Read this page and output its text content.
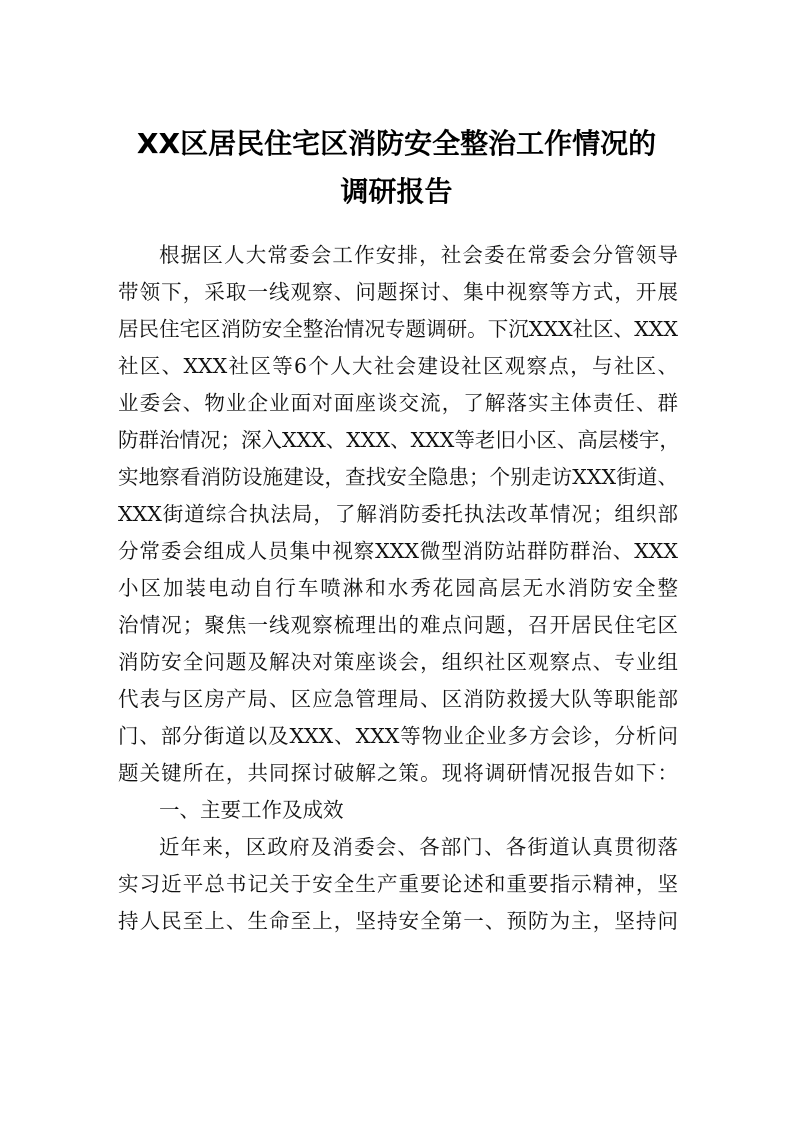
XX区居民住宅区消防安全整治工作情况的
调研报告
根据区人大常委会工作安排，社会委在常委会分管领导
带领下，采取一线观察、问题探讨、集中视察等方式，开展
居民住宅区消防安全整治情况专题调研。下沉XXX社区、XXX
社区、XXX社区等6个人大社会建设社区观察点，与社区、
业委会、物业企业面对面座谈交流，了解落实主体责任、群
防群治情况；深入XXX、XXX、XXX等老旧小区、高层楼宇，
实地察看消防设施建设，查找安全隐患；个别走访XXX街道、
XXX街道综合执法局，了解消防委托执法改革情况；组织部
分常委会组成人员集中视察XXX微型消防站群防群治、XXX
小区加装电动自行车喷淋和水秀花园高层无水消防安全整
治情况；聚焦一线观察梳理出的难点问题，召开居民住宅区
消防安全问题及解决对策座谈会，组织社区观察点、专业组
代表与区房产局、区应急管理局、区消防救援大队等职能部
门、部分街道以及XXX、XXX等物业企业多方会诊，分析问
题关键所在，共同探讨破解之策。现将调研情况报告如下：
一、主要工作及成效
近年来，区政府及消委会、各部门、各街道认真贯彻落
实习近平总书记关于安全生产重要论述和重要指示精神，坚
持人民至上、生命至上，坚持安全第一、预防为主，坚持问
